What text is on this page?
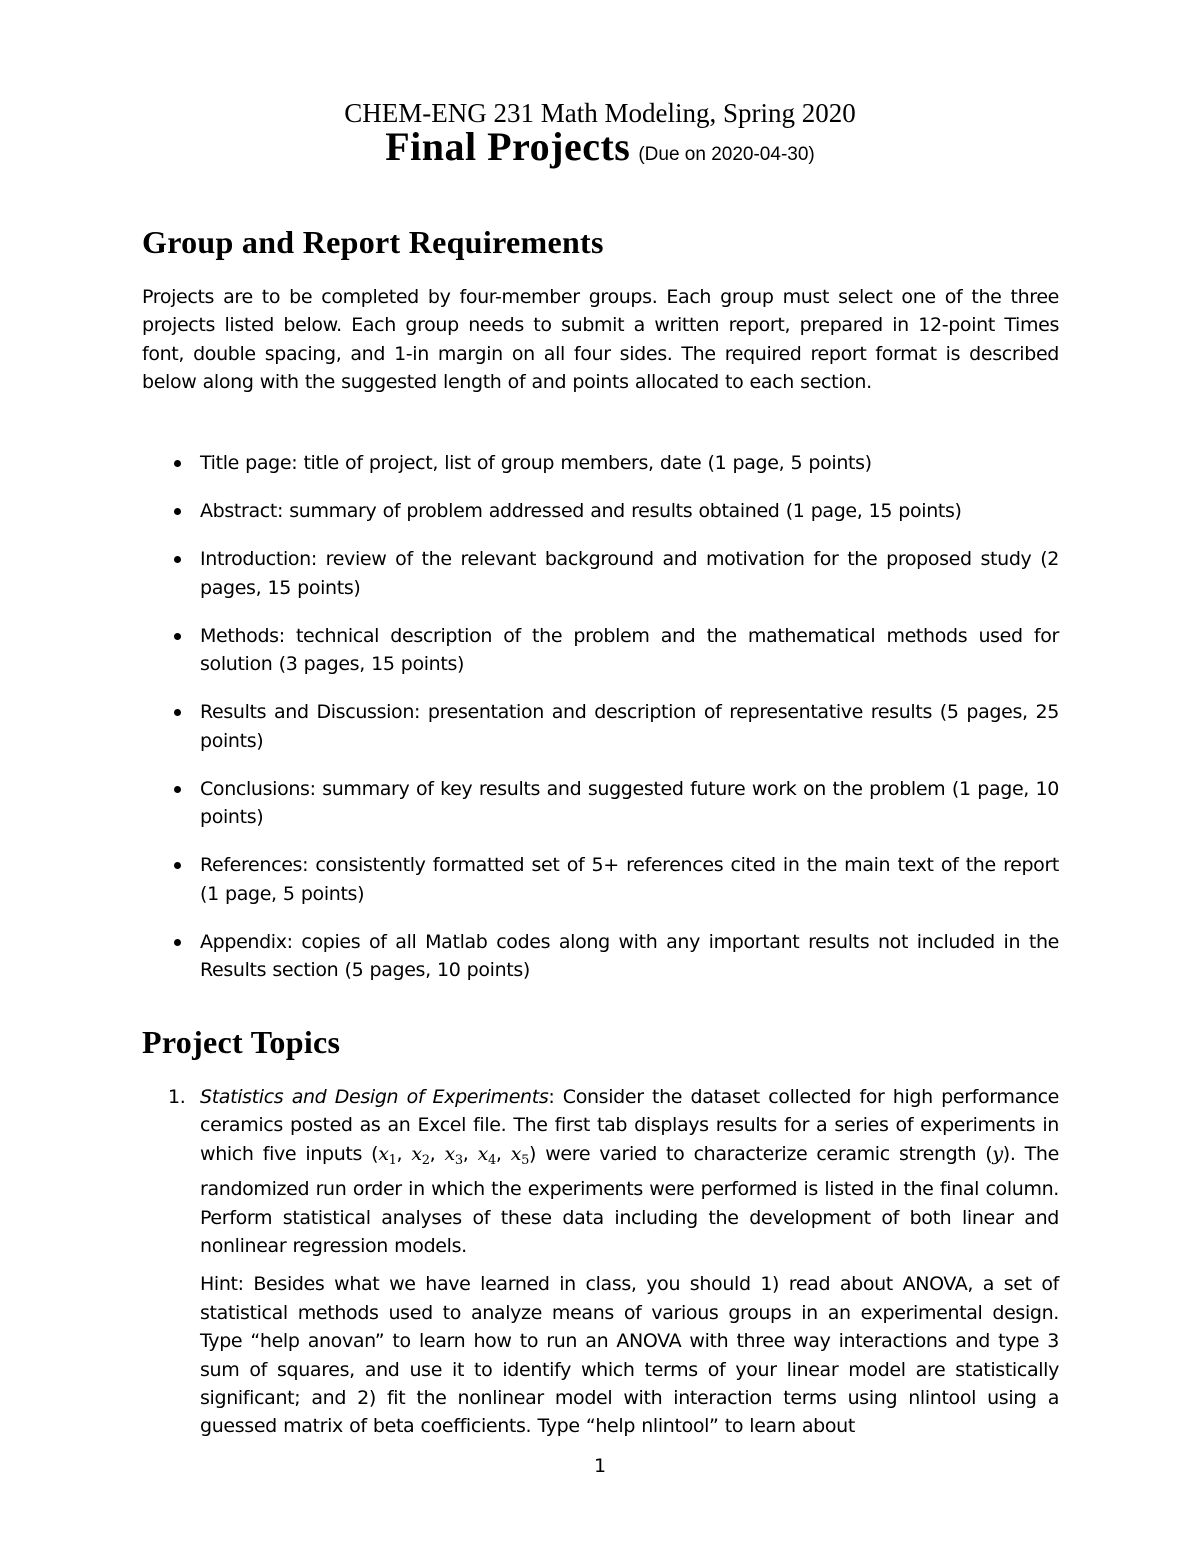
CHEM-ENG 231 Math Modeling, Spring 2020
Final Projects (Due on 2020-04-30)
Group and Report Requirements

Projects are to be completed by four-member groups. Each group must select one of the three projects listed below. Each group needs to submit a written report, prepared in 12-point Times font, double spacing, and 1-in margin on all four sides. The required report format is described below along with the suggested length of and points allocated to each section.

Title page: title of project, list of group members, date (1 page, 5 points)
Abstract: summary of problem addressed and results obtained (1 page, 15 points)
Introduction: review of the relevant background and motivation for the proposed study (2 pages, 15 points)
Methods: technical description of the problem and the mathematical methods used for solution (3 pages, 15 points)
Results and Discussion: presentation and description of representative results (5 pages, 25 points)
Conclusions: summary of key results and suggested future work on the problem (1 page, 10 points)
References: consistently formatted set of 5+ references cited in the main text of the report (1 page, 5 points)
Appendix: copies of all Matlab codes along with any important results not included in the Results section (5 pages, 10 points)
Project Topics
1. Statistics and Design of Experiments: Consider the dataset collected for high performance ceramics posted as an Excel file. The first tab displays results for a series of experiments in which five inputs ($x_1$, $x_2$, $x_3$, $x_4$, $x_5$) were varied to characterize ceramic strength (y). The randomized run order in which the experiments were performed is listed in the final column. Perform statistical analyses of these data including the development of both linear and nonlinear regression models.
Hint: Besides what we have learned in class, you should 1) read about ANOVA, a set of statistical methods used to analyze means of various groups in an experimental design. Type “help anovan” to learn how to run an ANOVA with three way interactions and type 3 sum of squares, and use it to identify which terms of your linear model are statistically significant; and 2) fit the nonlinear model with interaction terms using nlintool using a guessed matrix of beta coefficients. Type “help nlintool” to learn about
1
